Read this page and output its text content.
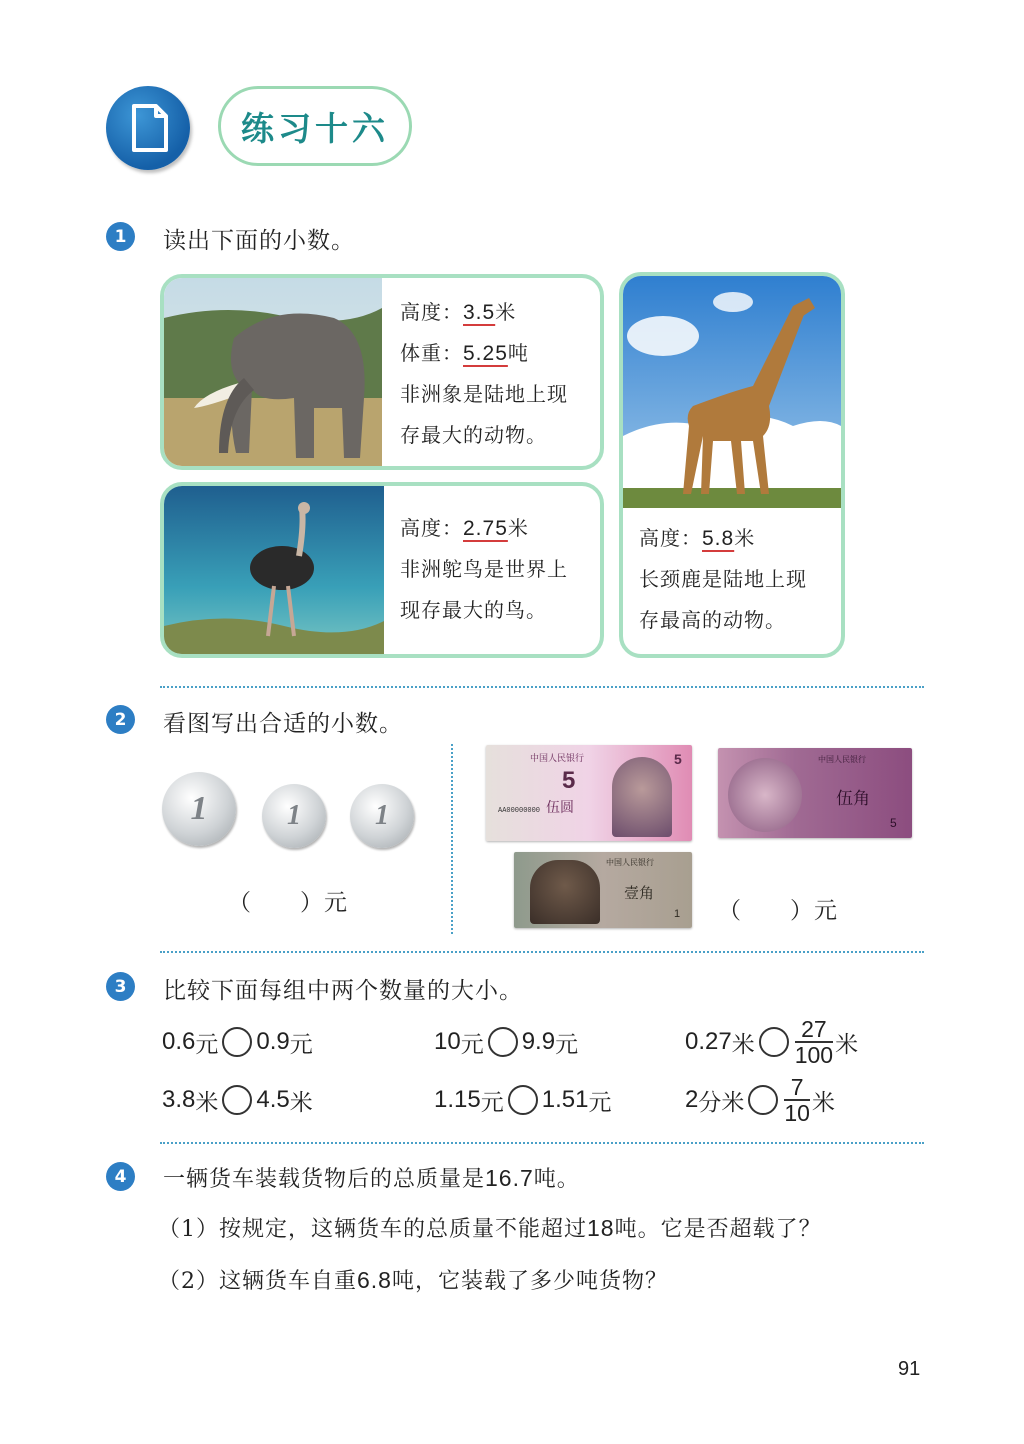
练习十六
1	读出下面的小数。
高度：3.5米
体重：5.25吨
非洲象是陆地上现
存最大的动物。
高度：2.75米
非洲鸵鸟是世界上
现存最大的鸟。
高度：5.8米
长颈鹿是陆地上现
存最高的动物。
2	看图写出合适的小数。
1	1	1
（　　）元
中国人民银行
5
伍圆
AA00000000
5	中国人民银行
伍角
5
中国人民银行
壹角
1 （　　）元
3	比较下面每组中两个数量的大小。
0.6 元 0.9 元	10 元 9.9 元	0.27 米 $\frac{27}{100}$ 米
3.8 米 4.5 米	1.15 元 1.51 元	2 分米 $\frac{7}{10}$ 米
4	一辆货车装载货物后的总质量是16.7吨。
（1）按规定，这辆货车的总质量不能超过18吨。它是否超载了？
（2）这辆货车自重6.8吨，它装载了多少吨货物？
91
